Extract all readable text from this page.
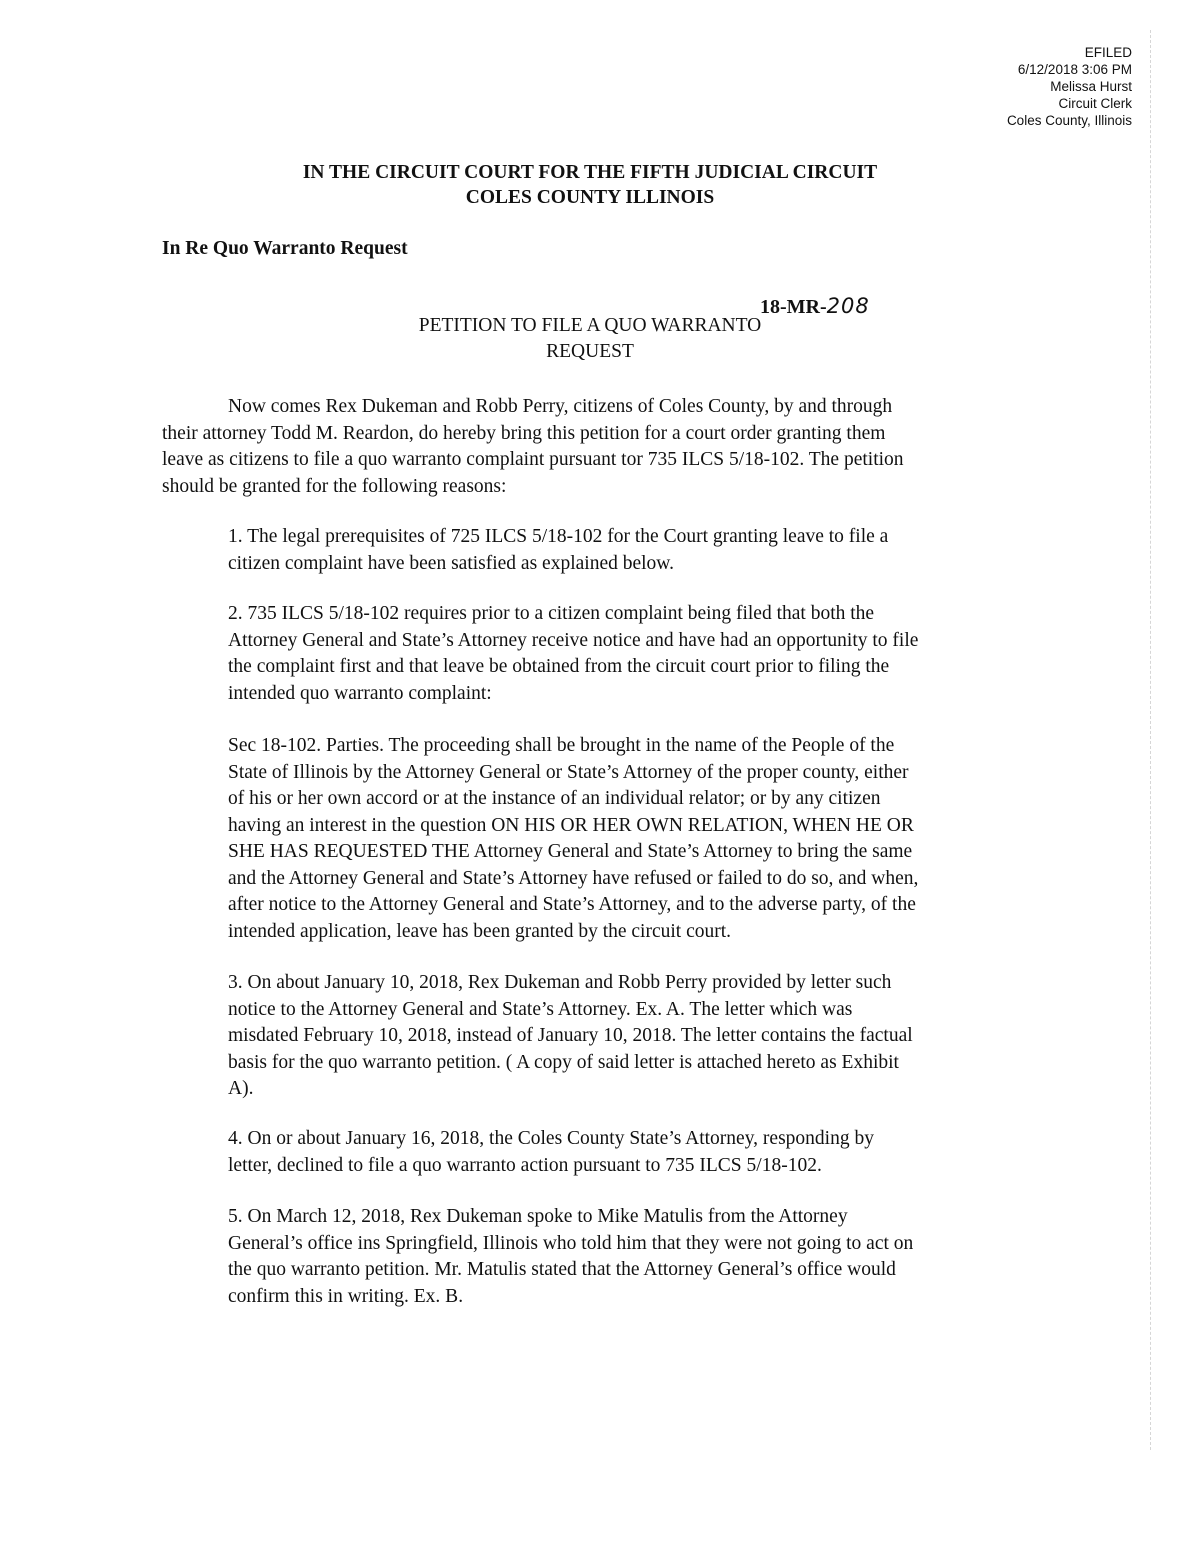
EFILED
6/12/2018 3:06 PM
Melissa Hurst
Circuit Clerk
Coles County, Illinois
IN THE CIRCUIT COURT FOR THE FIFTH JUDICIAL CIRCUIT
COLES COUNTY ILLINOIS
In Re Quo Warranto Request
18-MR-208
PETITION TO FILE A QUO WARRANTO
REQUEST
Now comes Rex Dukeman and Robb Perry, citizens of Coles County, by and through
their attorney Todd M. Reardon, do hereby bring this petition for a court order granting them
leave as citizens to file a quo warranto complaint pursuant tor 735 ILCS 5/18-102. The petition
should be granted for the following reasons:
1. The legal prerequisites of 725 ILCS 5/18-102 for the Court granting leave to file a
citizen complaint have been satisfied as explained below.
2. 735 ILCS 5/18-102 requires prior to a citizen complaint being filed that both the
Attorney General and State’s Attorney receive notice and have had an opportunity to file
the complaint first and that leave be obtained from the circuit court prior to filing the
intended quo warranto complaint:
Sec 18-102. Parties. The proceeding shall be brought in the name of the People of the
State of Illinois by the Attorney General or State’s Attorney of the proper county, either
of his or her own accord or at the instance of an individual relator; or by any citizen
having an interest in the question ON HIS OR HER OWN RELATION, WHEN HE OR
SHE HAS REQUESTED THE Attorney General and State’s Attorney to bring the same
and the Attorney General and State’s Attorney have refused or failed to do so, and when,
after notice to the Attorney General and State’s Attorney, and to the adverse party, of the
intended application, leave has been granted by the circuit court.
3. On about January 10, 2018, Rex Dukeman and Robb Perry provided by letter such
notice to the Attorney General and State’s Attorney. Ex. A. The letter which was
misdated February 10, 2018, instead of January 10, 2018. The letter contains the factual
basis for the quo warranto petition. ( A copy of said letter is attached hereto as Exhibit
A).
4. On or about January 16, 2018, the Coles County State’s Attorney, responding by
letter, declined to file a quo warranto action pursuant to 735 ILCS 5/18-102.
5. On March 12, 2018, Rex Dukeman spoke to Mike Matulis from the Attorney
General’s office ins Springfield, Illinois who told him that they were not going to act on
the quo warranto petition. Mr. Matulis stated that the Attorney General’s office would
confirm this in writing. Ex. B.
